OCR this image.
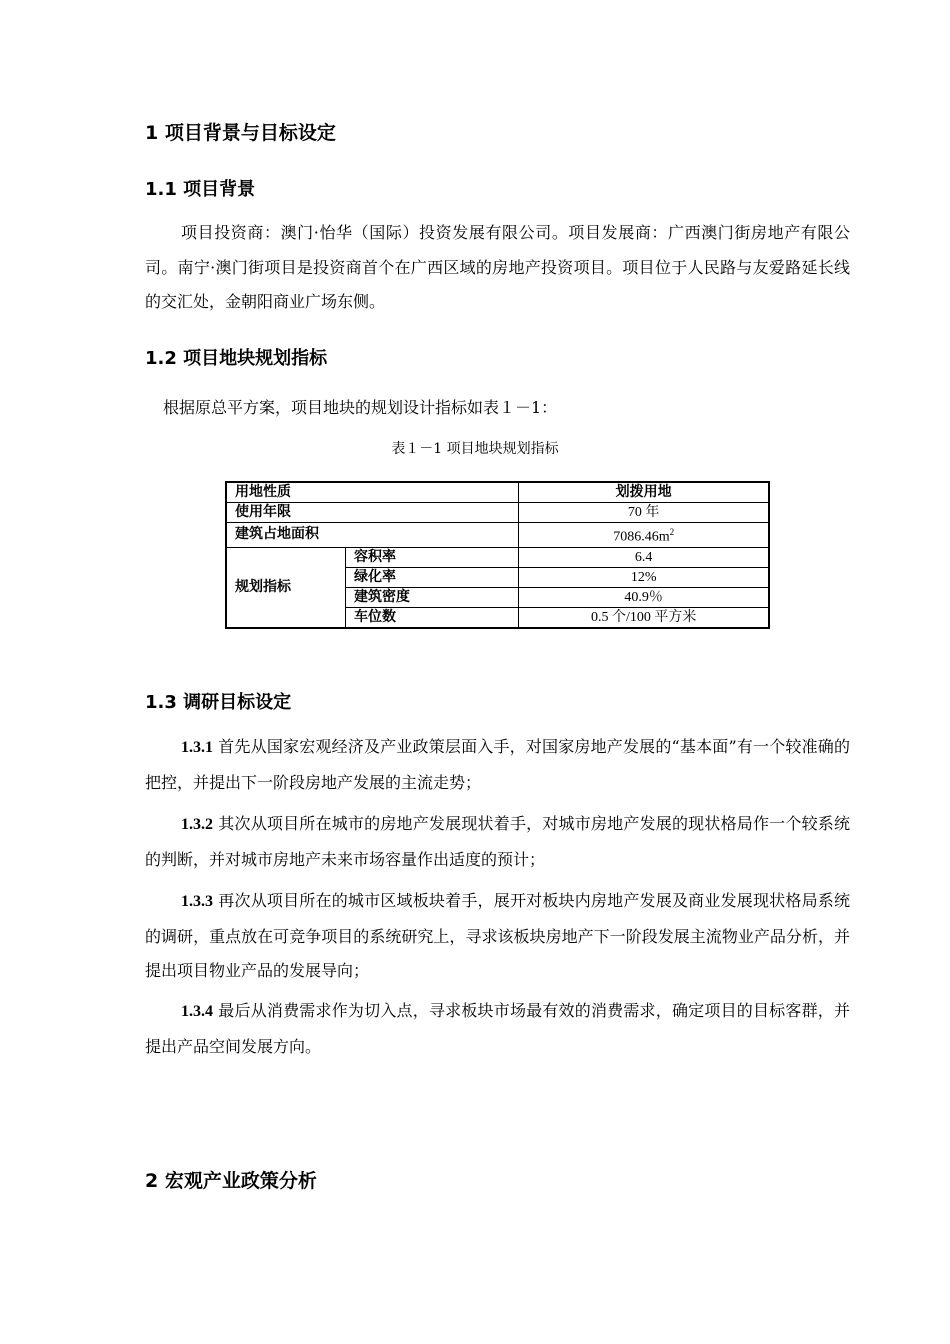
1 项目背景与目标设定
1.1 项目背景

项目投资商：澳门·怡华（国际）投资发展有限公司。项目发展商：广西澳门街房地产有限公司。南宁·澳门街项目是投资商首个在广西区域的房地产投资项目。项目位于人民路与友爱路延长线的交汇处，金朝阳商业广场东侧。

1.2 项目地块规划指标

根据原总平方案，项目地块的规划设计指标如表１－1：

表１－1 项目地块规划指标

用地性质		划拨用地
使用年限		70 年
建筑占地面积		$7086.46m^2$
规划指标	容积率	6.4
	绿化率	12%
	建筑密度	40.9％
	车位数	0.5 个/100 平方米
1.3 调研目标设定

1.3.1 首先从国家宏观经济及产业政策层面入手，对国家房地产发展的“基本面”有一个较准确的把控，并提出下一阶段房地产发展的主流走势；

1.3.2 其次从项目所在城市的房地产发展现状着手，对城市房地产发展的现状格局作一个较系统的判断，并对城市房地产未来市场容量作出适度的预计；

1.3.3 再次从项目所在的城市区域板块着手，展开对板块内房地产发展及商业发展现状格局系统的调研，重点放在可竞争项目的系统研究上，寻求该板块房地产下一阶段发展主流物业产品分析，并提出项目物业产品的发展导向；

1.3.4 最后从消费需求作为切入点，寻求板块市场最有效的消费需求，确定项目的目标客群，并提出产品空间发展方向。

2 宏观产业政策分析
